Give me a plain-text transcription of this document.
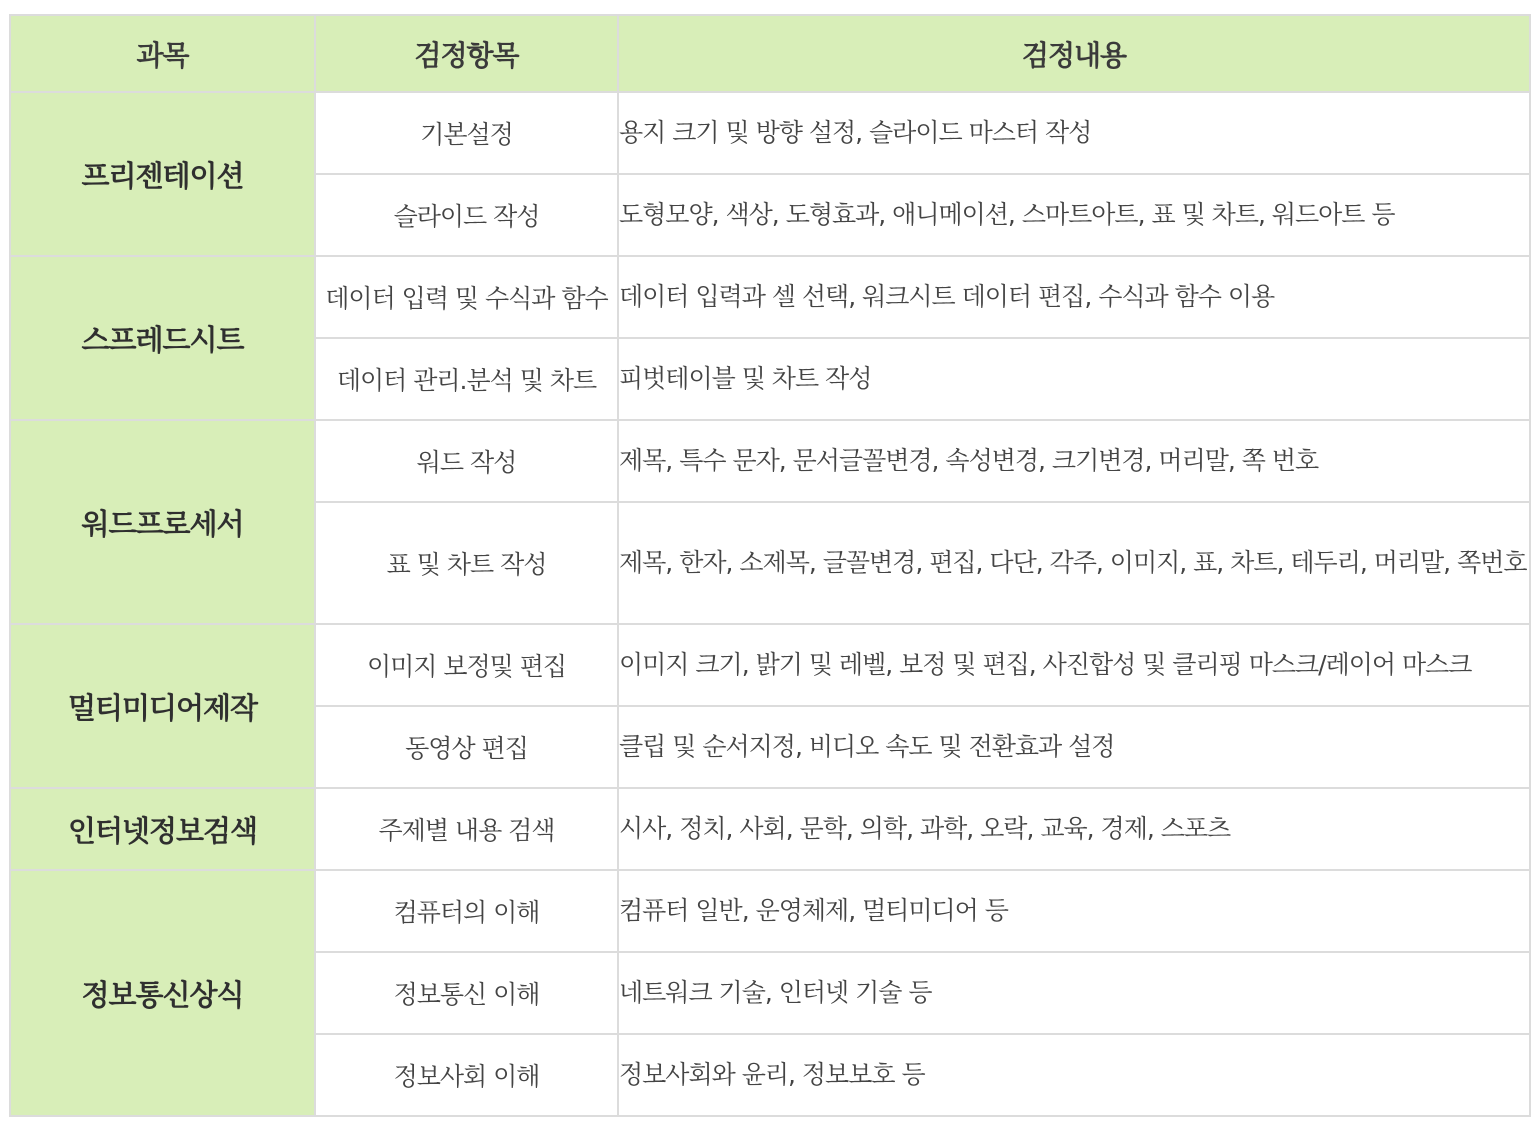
과목	검정항목	검정내용
프리젠테이션	기본설정	용지 크기 및 방향 설정, 슬라이드 마스터 작성
	슬라이드 작성	도형모양, 색상, 도형효과, 애니메이션, 스마트아트, 표 및 차트, 워드아트 등
스프레드시트	데이터 입력 및 수식과 함수	데이터 입력과 셀 선택, 워크시트 데이터 편집, 수식과 함수 이용
	데이터 관리.분석 및 차트	피벗테이블 및 차트 작성
워드프로세서	워드 작성	제목, 특수 문자, 문서글꼴변경, 속성변경, 크기변경, 머리말, 쪽 번호
	표 및 차트 작성	제목, 한자, 소제목, 글꼴변경, 편집, 다단, 각주, 이미지, 표, 차트, 테두리, 머리말, 쪽번호
멀티미디어제작	이미지 보정및 편집	이미지 크기, 밝기 및 레벨, 보정 및 편집, 사진합성 및 클리핑 마스크/레이어 마스크
	동영상 편집	클립 및 순서지정, 비디오 속도 및 전환효과 설정
인터넷정보검색	주제별 내용 검색	시사, 정치, 사회, 문학, 의학, 과학, 오락, 교육, 경제, 스포츠
정보통신상식	컴퓨터의 이해	컴퓨터 일반, 운영체제, 멀티미디어 등
	정보통신 이해	네트워크 기술, 인터넷 기술 등
	정보사회 이해	정보사회와 윤리, 정보보호 등
